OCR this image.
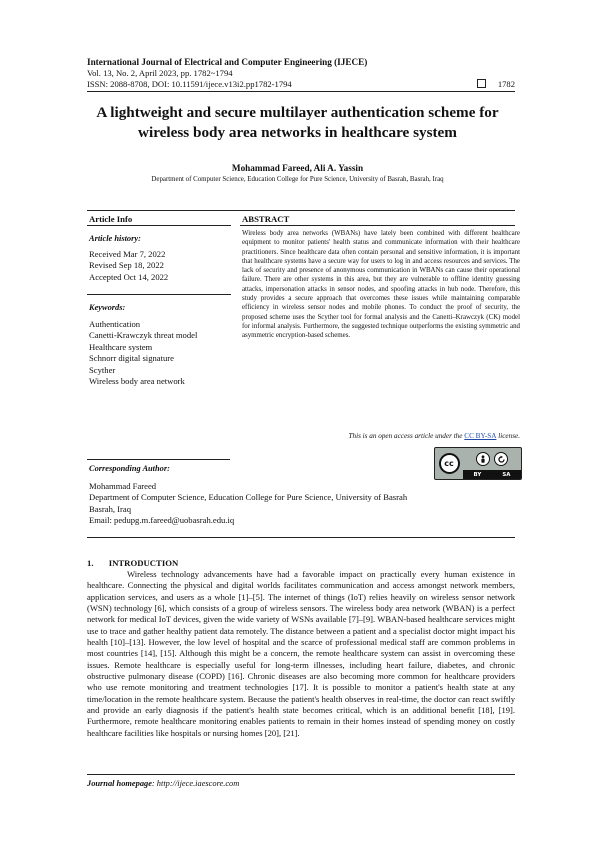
International Journal of Electrical and Computer Engineering (IJECE)
Vol. 13, No. 2, April 2023, pp. 1782~1794
ISSN: 2088-8708, DOI: 10.11591/ijece.v13i2.pp1782-1794	1782
A lightweight and secure multilayer authentication scheme for
wireless body area networks in healthcare system
Mohammad Fareed, Ali A. Yassin
Department of Computer Science, Education College for Pure Science, University of Basrah, Basrah, Iraq
Article Info	ABSTRACT
Article history:
Received Mar 7, 2022
Revised Sep 18, 2022
Accepted Oct 14, 2022
Keywords:
Authentication
Canetti-Krawczyk threat model
Healthcare system
Schnorr digital signature
Scyther
Wireless body area network
Wireless body area networks (WBANs) have lately been combined with different healthcare equipment to monitor patients' health status and communicate information with their healthcare practitioners. Since healthcare data often contain personal and sensitive information, it is important that healthcare systems have a secure way for users to log in and access resources and services. The lack of security and presence of anonymous communication in WBANs can cause their operational failure. There are other systems in this area, but they are vulnerable to offline identity guessing attacks, impersonation attacks in sensor nodes, and spoofing attacks in hub node. Therefore, this study provides a secure approach that overcomes these issues while maintaining comparable efficiency in wireless sensor nodes and mobile phones. To conduct the proof of security, the proposed scheme uses the Scyther tool for formal analysis and the Canetti–Krawczyk (CK) model for informal analysis. Furthermore, the suggested technique outperforms the existing symmetric and asymmetric encryption-based schemes.
This is an open access article under the CC BY-SA license.
cc
BY	SA
Corresponding Author:
Mohammad Fareed
Department of Computer Science, Education College for Pure Science, University of Basrah
Basrah, Iraq
Email: pedupg.m.fareed@uobasrah.edu.iq
1.       INTRODUCTION

Wireless technology advancements have had a favorable impact on practically every human existence in healthcare. Connecting the physical and digital worlds facilitates communication and access amongst network members, application services, and users as a whole [1]–[5]. The internet of things (IoT) relies heavily on wireless sensor network (WSN) technology [6], which consists of a group of wireless sensors. The wireless body area network (WBAN) is a perfect network for medical IoT devices, given the wide variety of WSNs available [7]–[9]. WBAN-based healthcare services might use to trace and gather healthy patient data remotely. The distance between a patient and a specialist doctor might impact his health [10]–[13]. However, the low level of hospital and the scarce of professional medical staff are common problems in most countries [14], [15]. Although this might be a concern, the remote healthcare system can assist in overcoming these issues. Remote healthcare is especially useful for long-term illnesses, including heart failure, diabetes, and chronic obstructive pulmonary disease (COPD) [16]. Chronic diseases are also becoming more common for healthcare providers who use remote monitoring and treatment technologies [17]. It is possible to monitor a patient's health state at any time/location in the remote healthcare system. Because the patient's health observes in real-time, the doctor can react swiftly and provide an early diagnosis if the patient's health state becomes critical, which is an additional benefit [18], [19]. Furthermore, remote healthcare monitoring enables patients to remain in their homes instead of spending money on costly healthcare facilities like hospitals or nursing homes [20], [21].

Journal homepage: http://ijece.iaescore.com
